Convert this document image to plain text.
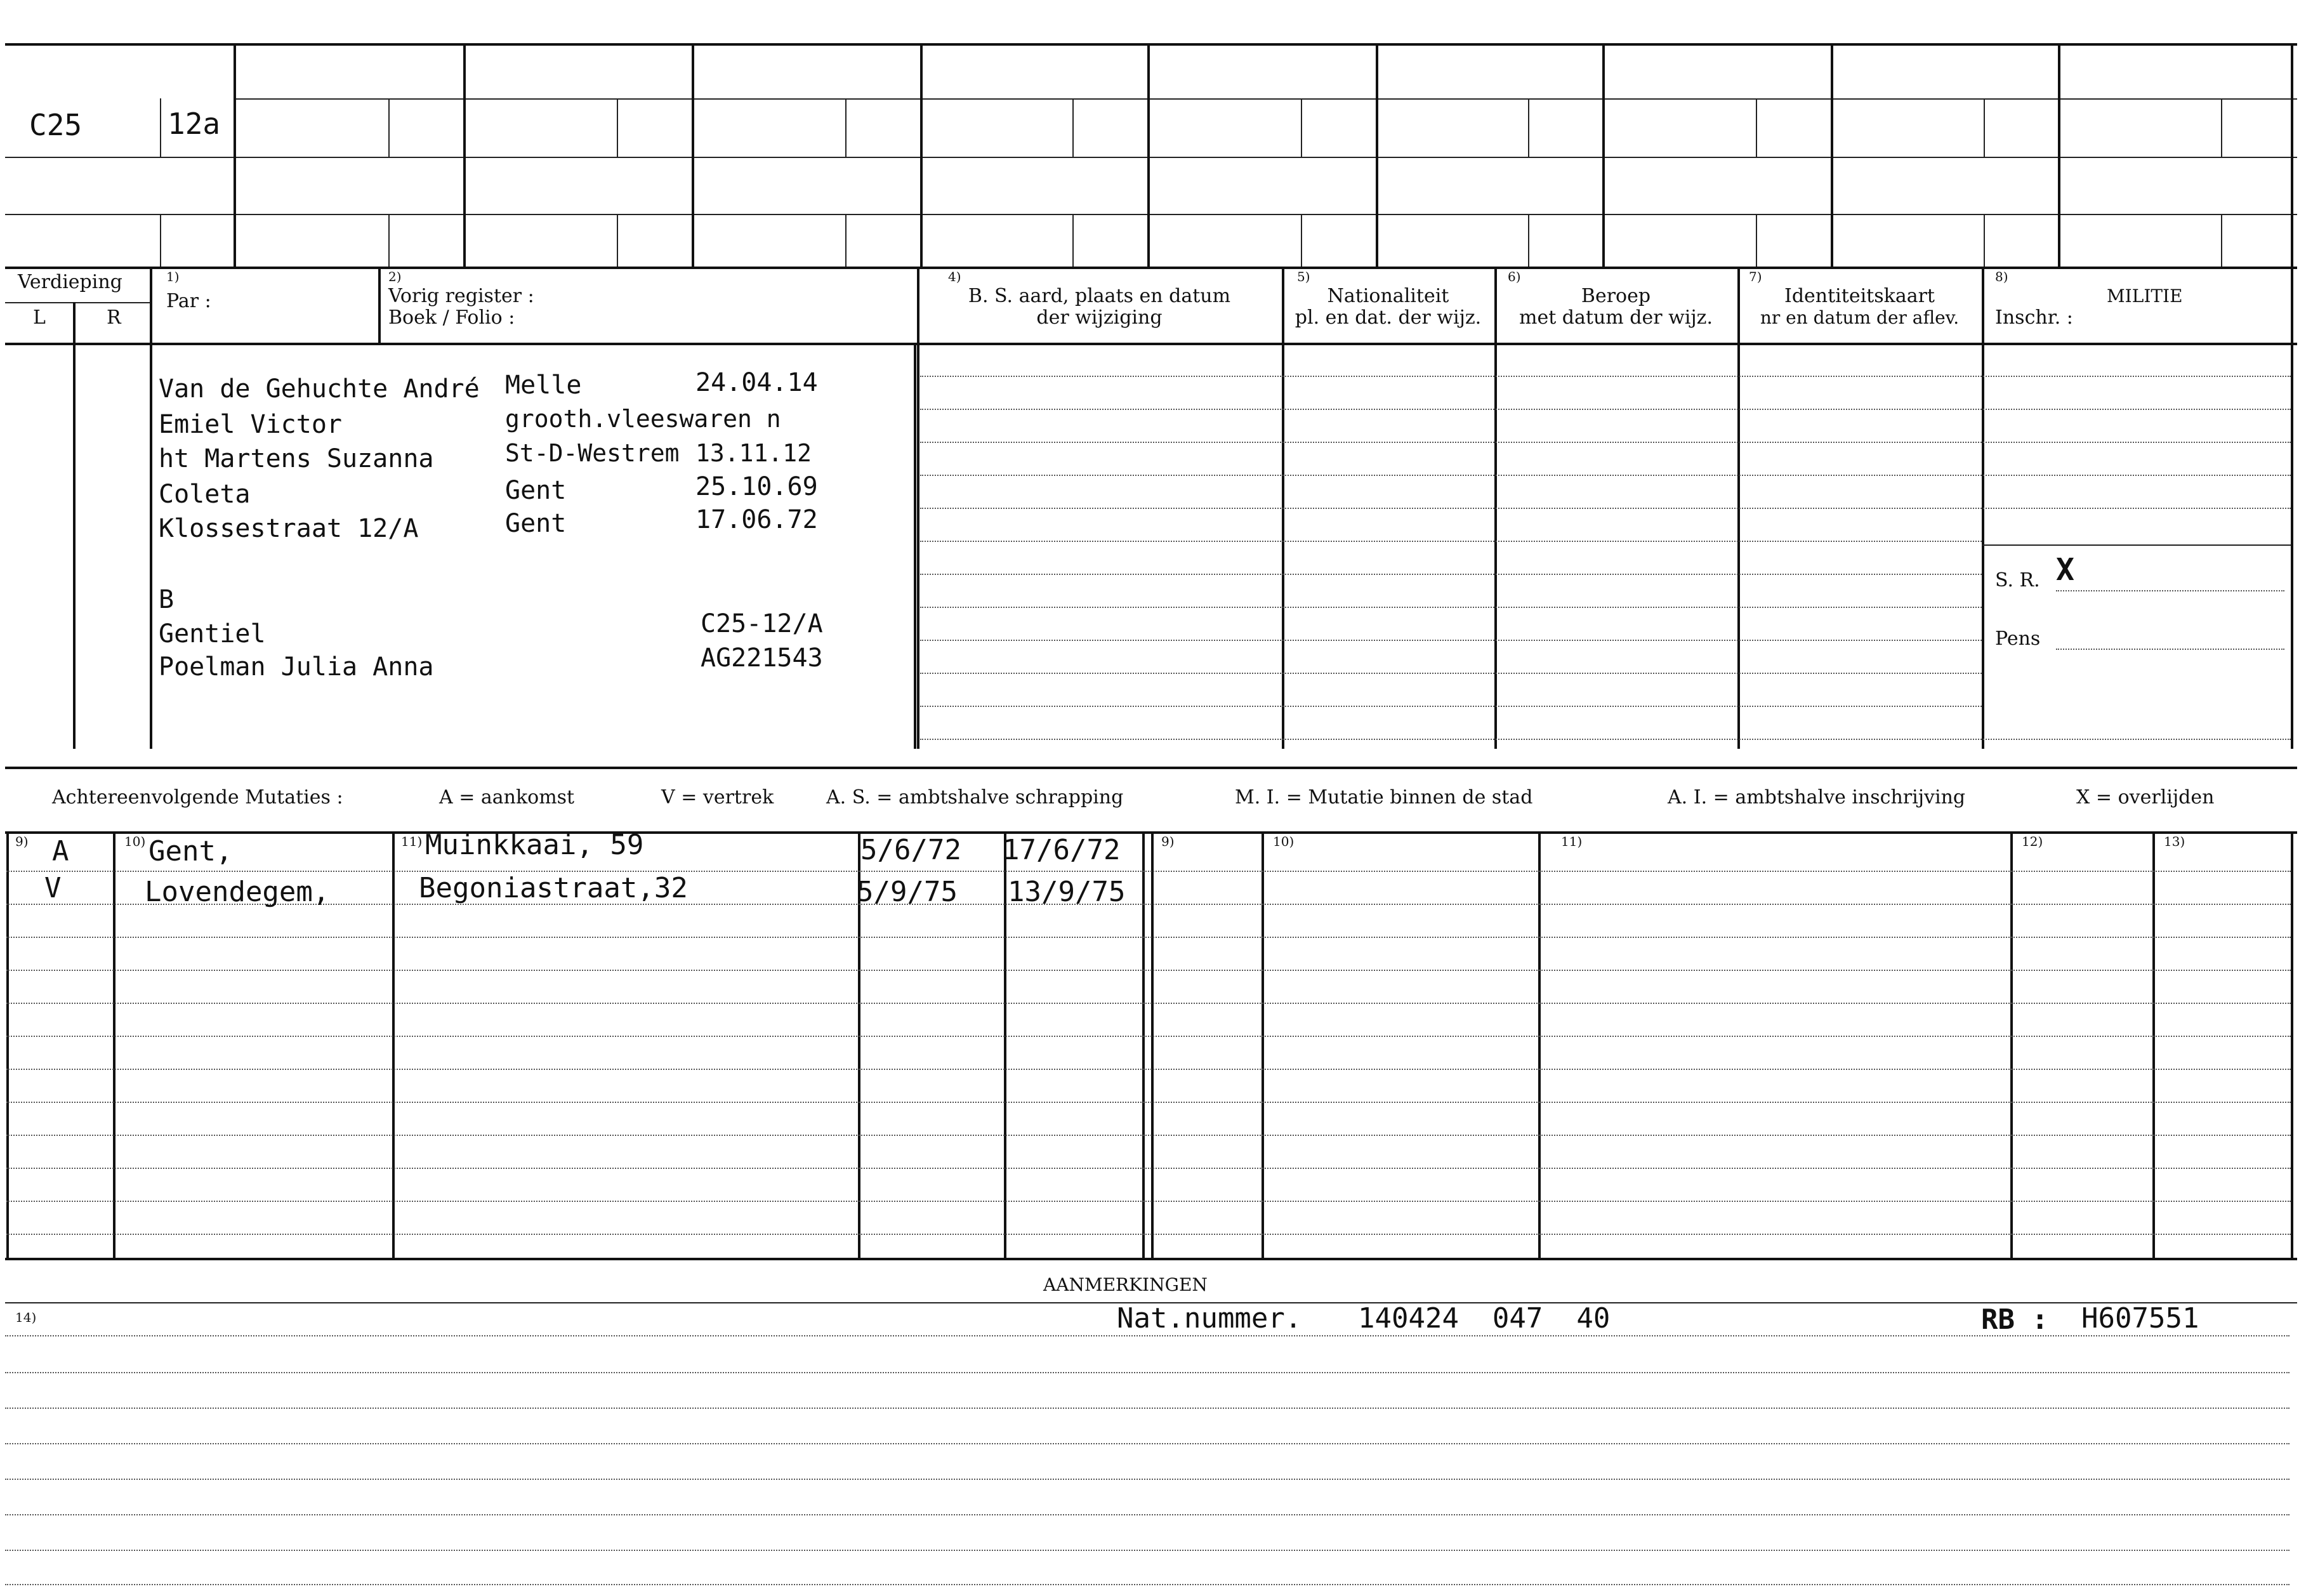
C25	12a
Verdieping
L	R
1)
Par :
2)
Vorig register :
Boek / Folio :
4)
B. S. aard, plaats en datum
der wijziging
5)
Nationaliteit
pl. en dat. der wijz.
6)
Beroep
met datum der wijz.
7)
Identiteitskaart
nr en datum der aflev.
8)
MILITIE
Inschr. :
S. R. X
Pens
Van de Gehuchte André Melle	24.04.14
Emiel Victor	grooth.vleeswaren n
ht Martens Suzanna	St-D-Westrem 13.11.12
Coleta	Gent	25.10.69
Klossestraat 12/A	Gent	17.06.72
B
Gentiel	C25-12/A
Poelman Julia Anna	AG221543
Achtereenvolgende Mutaties :	A = aankomst	V = vertrek	A. S. = ambtshalve schrapping	M. I. = Mutatie binnen de stad	A. I. = ambtshalve inschrijving	X = overlijden
9)	10)	11)	9)	10)	11)	12)	13)
A	Gent,	Muinkkaai, 59	5/6/72 17/6/72
V	Lovendegem,	Begoniastraat,32	5/9/75 13/9/75
AANMERKINGEN
14)	Nat.nummer. 140424  047  40	RB : H607551
